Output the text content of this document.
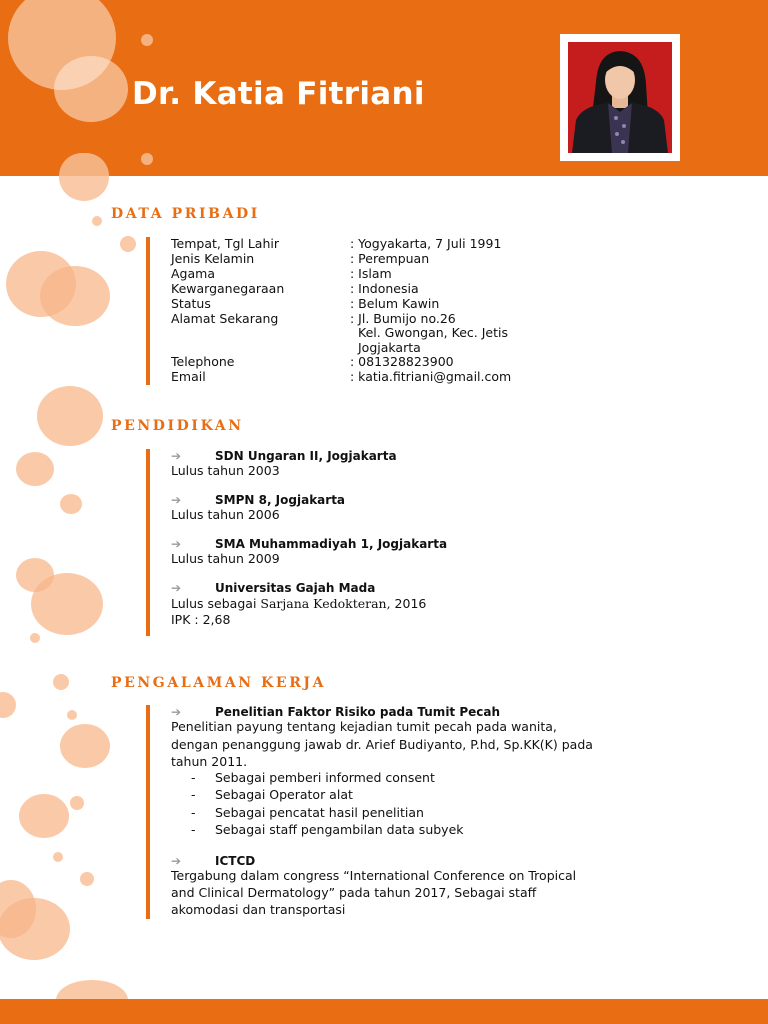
Dr. Katia Fitriani
DATA PRIBADI
Tempat, Tgl Lahir	: Yogyakarta, 7 Juli 1991
Jenis Kelamin	: Perempuan
Agama	: Islam
Kewarganegaraan	: Indonesia
Status	: Belum Kawin
Alamat Sekarang	: Jl. Bumijo no.26
Kel. Gwongan, Kec. Jetis
Jogjakarta
Telephone	: 081328823900
Email	: katia.fitriani@gmail.com
PENDIDIKAN
➔	SDN Ungaran II, Jogjakarta
Lulus tahun 2003
➔	SMPN 8, Jogjakarta
Lulus tahun 2006
➔	SMA Muhammadiyah 1, Jogjakarta
Lulus tahun 2009
➔	Universitas Gajah Mada
Lulus sebagai Sarjana Kedokteran, 2016
IPK : 2,68
PENGALAMAN KERJA
➔	Penelitian Faktor Risiko pada Tumit Pecah
Penelitian payung tentang kejadian tumit pecah pada wanita,
dengan penanggung jawab dr. Arief Budiyanto, P.hd, Sp.KK(K) pada
tahun 2011.
- Sebagai pemberi informed consent
- Sebagai Operator alat
- Sebagai pencatat hasil penelitian
- Sebagai staff pengambilan data subyek
➔	ICTCD
Tergabung dalam congress “International Conference on Tropical
and Clinical Dermatology” pada tahun 2017, Sebagai staff
akomodasi dan transportasi
